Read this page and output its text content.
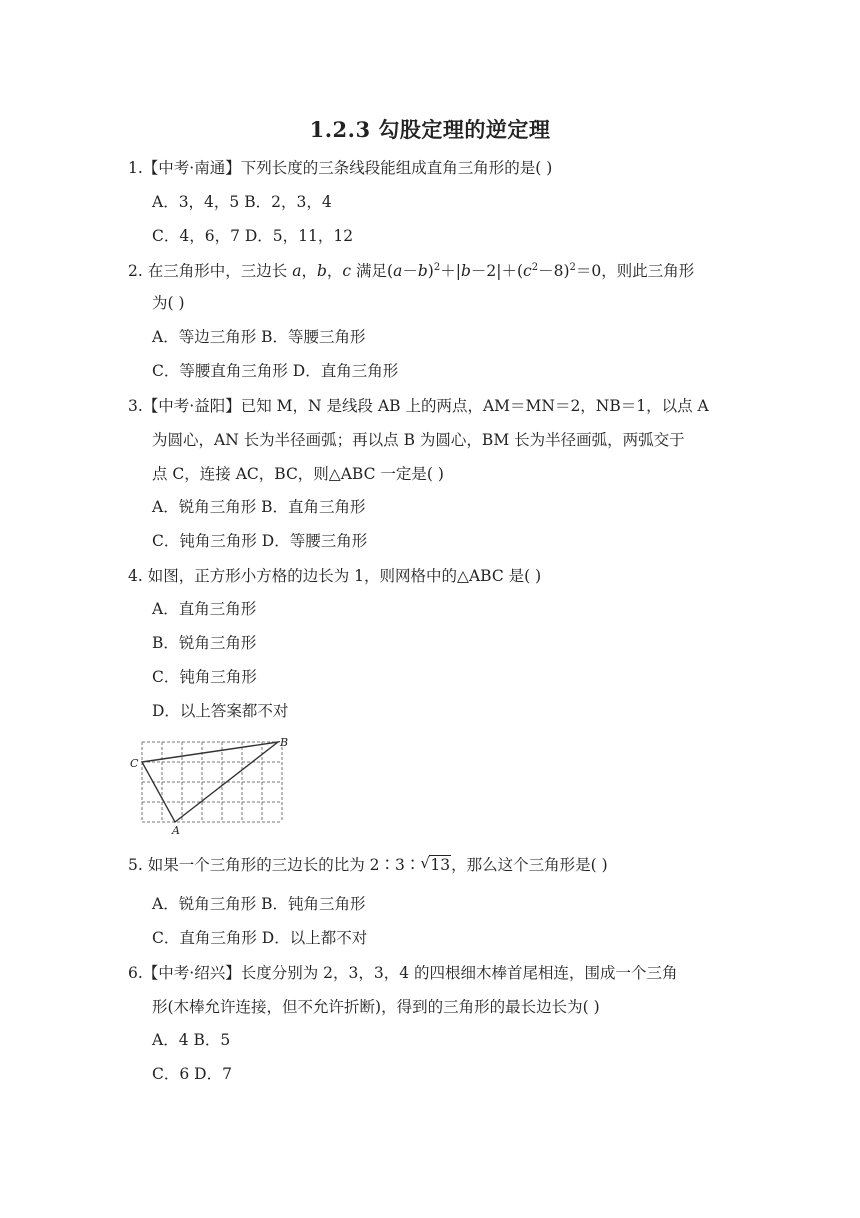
1.2.3 勾股定理的逆定理
1.【中考·南通】下列长度的三条线段能组成直角三角形的是( )
A．3，4，5 B．2，3，4
C．4，6，7 D．5，11，12
2. 在三角形中，三边长 a，b，c 满足$(a-b)^2+|b-2|+(c^2-8)^2=0$，则此三角形
为( )
A．等边三角形 B．等腰三角形
C．等腰直角三角形 D．直角三角形
3.【中考·益阳】已知 M，N 是线段 AB 上的两点，AM＝MN＝2，NB＝1，以点 A
为圆心，AN 长为半径画弧；再以点 B 为圆心，BM 长为半径画弧，两弧交于
点 C，连接 AC，BC，则△ABC 一定是( )
A．锐角三角形 B．直角三角形
C．钝角三角形 D．等腰三角形
4. 如图，正方形小方格的边长为 1，则网格中的△ABC 是( )
A．直角三角形
B．锐角三角形
C．钝角三角形
D．以上答案都不对
C
B
A
5. 如果一个三角形的三边长的比为 2∶3∶ √ 13，那么这个三角形是( )
A．锐角三角形 B．钝角三角形
C．直角三角形 D．以上都不对
6.【中考·绍兴】长度分别为 2，3，3，4 的四根细木棒首尾相连，围成一个三角
形(木棒允许连接，但不允许折断)，得到的三角形的最长边长为( )
A．4 B．5
C．6 D．7
